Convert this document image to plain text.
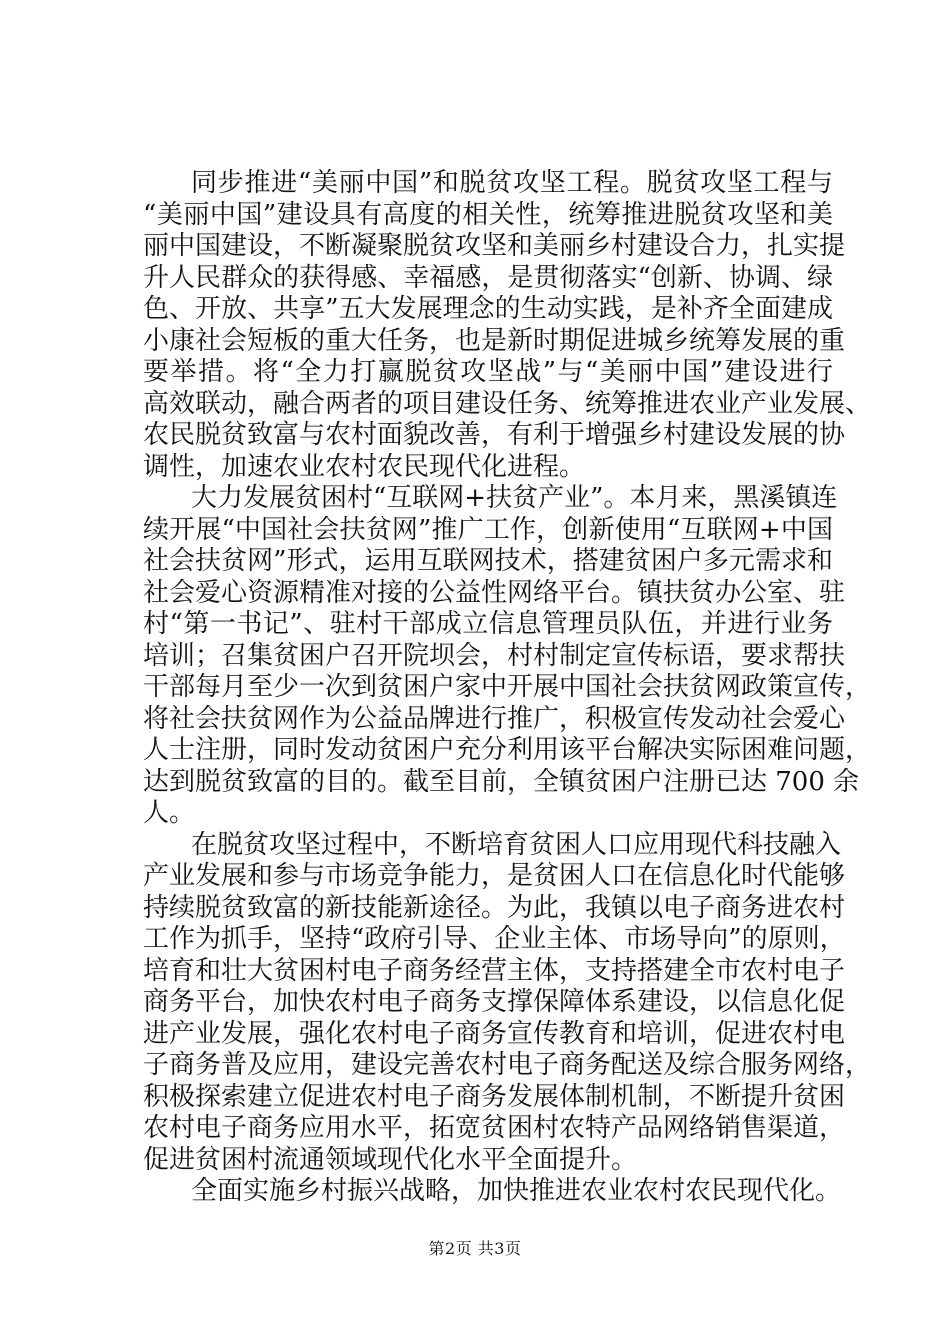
同步推进“美丽中国”和脱贫攻坚工程。脱贫攻坚工程与
“美丽中国”建设具有高度的相关性，统筹推进脱贫攻坚和美
丽中国建设，不断凝聚脱贫攻坚和美丽乡村建设合力，扎实提
升人民群众的获得感、幸福感，是贯彻落实“创新、协调、绿
色、开放、共享”五大发展理念的生动实践，是补齐全面建成
小康社会短板的重大任务，也是新时期促进城乡统筹发展的重
要举措。将“全力打赢脱贫攻坚战”与“美丽中国”建设进行
高效联动，融合两者的项目建设任务、统筹推进农业产业发展、
农民脱贫致富与农村面貌改善，有利于增强乡村建设发展的协
调性，加速农业农村农民现代化进程。
大力发展贫困村“互联网+扶贫产业”。本月来，黑溪镇连
续开展“中国社会扶贫网”推广工作，创新使用“互联网+中国
社会扶贫网”形式，运用互联网技术，搭建贫困户多元需求和
社会爱心资源精准对接的公益性网络平台。镇扶贫办公室、驻
村“第一书记”、驻村干部成立信息管理员队伍，并进行业务
培训；召集贫困户召开院坝会，村村制定宣传标语，要求帮扶
干部每月至少一次到贫困户家中开展中国社会扶贫网政策宣传，
将社会扶贫网作为公益品牌进行推广，积极宣传发动社会爱心
人士注册，同时发动贫困户充分利用该平台解决实际困难问题，
达到脱贫致富的目的。截至目前，全镇贫困户注册已达 700 余
人。
在脱贫攻坚过程中，不断培育贫困人口应用现代科技融入
产业发展和参与市场竞争能力，是贫困人口在信息化时代能够
持续脱贫致富的新技能新途径。为此，我镇以电子商务进农村
工作为抓手，坚持“政府引导、企业主体、市场导向”的原则，
培育和壮大贫困村电子商务经营主体，支持搭建全市农村电子
商务平台，加快农村电子商务支撑保障体系建设，以信息化促
进产业发展，强化农村电子商务宣传教育和培训，促进农村电
子商务普及应用，建设完善农村电子商务配送及综合服务网络，
积极探索建立促进农村电子商务发展体制机制，不断提升贫困
农村电子商务应用水平，拓宽贫困村农特产品网络销售渠道，
促进贫困村流通领域现代化水平全面提升。
全面实施乡村振兴战略，加快推进农业农村农民现代化。
第2页 共3页
